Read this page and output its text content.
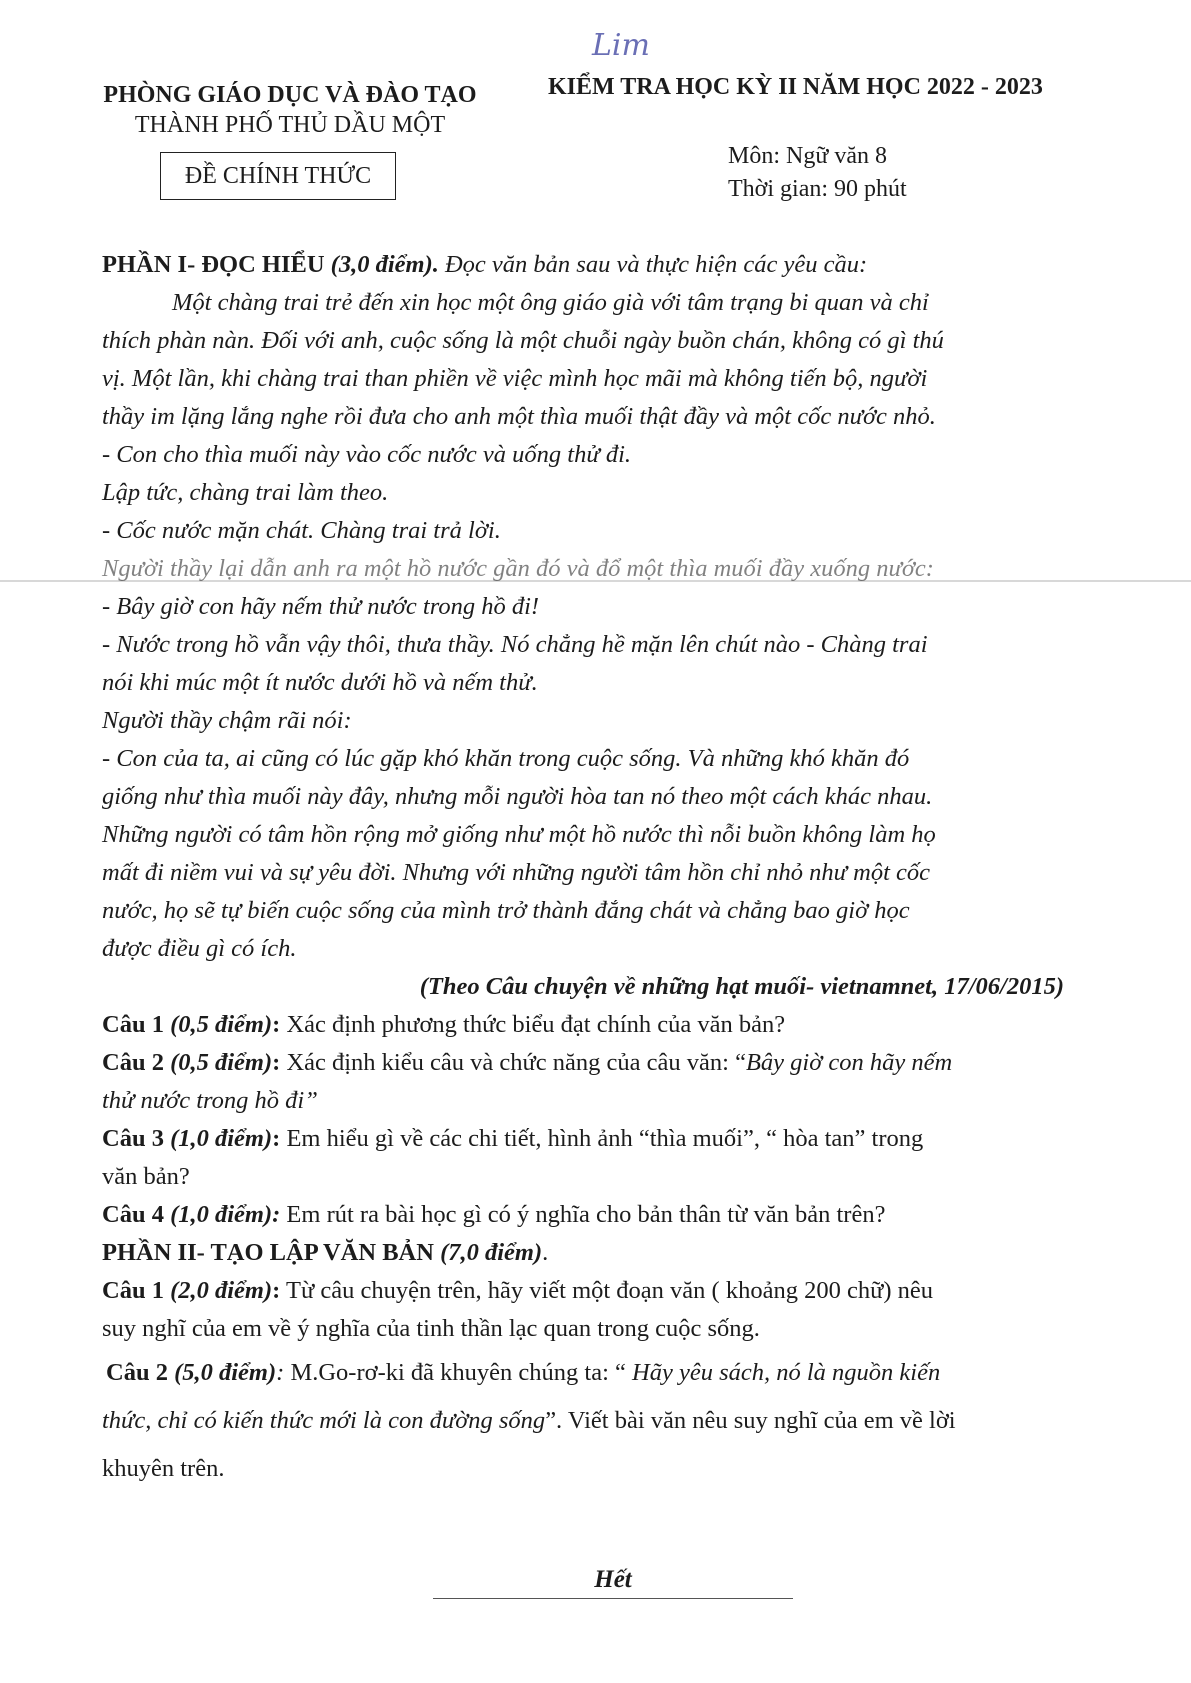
Lim
PHÒNG GIÁO DỤC VÀ ĐÀO TẠO
THÀNH PHỐ THỦ DẦU MỘT
KIỂM TRA HỌC KỲ II NĂM HỌC 2022 - 2023
ĐỀ CHÍNH THỨC
Môn: Ngữ văn 8
Thời gian: 90 phút
PHẦN I- ĐỌC HIỂU (3,0 điểm). Đọc văn bản sau và thực hiện các yêu cầu:
Một chàng trai trẻ đến xin học một ông giáo già với tâm trạng bi quan và chỉ
thích phàn nàn. Đối với anh, cuộc sống là một chuỗi ngày buồn chán, không có gì thú
vị. Một lần, khi chàng trai than phiền về việc mình học mãi mà không tiến bộ, người
thầy im lặng lắng nghe rồi đưa cho anh một thìa muối thật đầy và một cốc nước nhỏ.
- Con cho thìa muối này vào cốc nước và uống thử đi.
Lập tức, chàng trai làm theo.
- Cốc nước mặn chát. Chàng trai trả lời.
Người thầy lại dẫn anh ra một hồ nước gần đó và đổ một thìa muối đầy xuống nước:
- Bây giờ con hãy nếm thử nước trong hồ đi!
- Nước trong hồ vẫn vậy thôi, thưa thầy. Nó chẳng hề mặn lên chút nào - Chàng trai
nói khi múc một ít nước dưới hồ và nếm thử.
Người thầy chậm rãi nói:
- Con của ta, ai cũng có lúc gặp khó khăn trong cuộc sống. Và những khó khăn đó
giống như thìa muối này đây, nhưng mỗi người hòa tan nó theo một cách khác nhau.
Những người có tâm hồn rộng mở giống như một hồ nước thì nỗi buồn không làm họ
mất đi niềm vui và sự yêu đời. Nhưng với những người tâm hồn chỉ nhỏ như một cốc
nước, họ sẽ tự biến cuộc sống của mình trở thành đắng chát và chẳng bao giờ học
được điều gì có ích.
(Theo Câu chuyện về những hạt muối- vietnamnet, 17/06/2015)
Câu 1 (0,5 điểm): Xác định phương thức biểu đạt chính của văn bản?
Câu 2 (0,5 điểm): Xác định kiểu câu và chức năng của câu văn: “Bây giờ con hãy nếm
thử nước trong hồ đi”
Câu 3 (1,0 điểm): Em hiểu gì về các chi tiết, hình ảnh “thìa muối”, “ hòa tan” trong
văn bản?
Câu 4 (1,0 điểm): Em rút ra bài học gì có ý nghĩa cho bản thân từ văn bản trên?
PHẦN II- TẠO LẬP VĂN BẢN (7,0 điểm).
Câu 1 (2,0 điểm): Từ câu chuyện trên, hãy viết một đoạn văn ( khoảng 200 chữ) nêu
suy nghĩ của em về ý nghĩa của tinh thần lạc quan trong cuộc sống.
Câu 2 (5,0 điểm): M.Go-rơ-ki đã khuyên chúng ta: “ Hãy yêu sách, nó là nguồn kiến
thức, chỉ có kiến thức mới là con đường sống”. Viết bài văn nêu suy nghĩ của em về lời
khuyên trên.
Hết
